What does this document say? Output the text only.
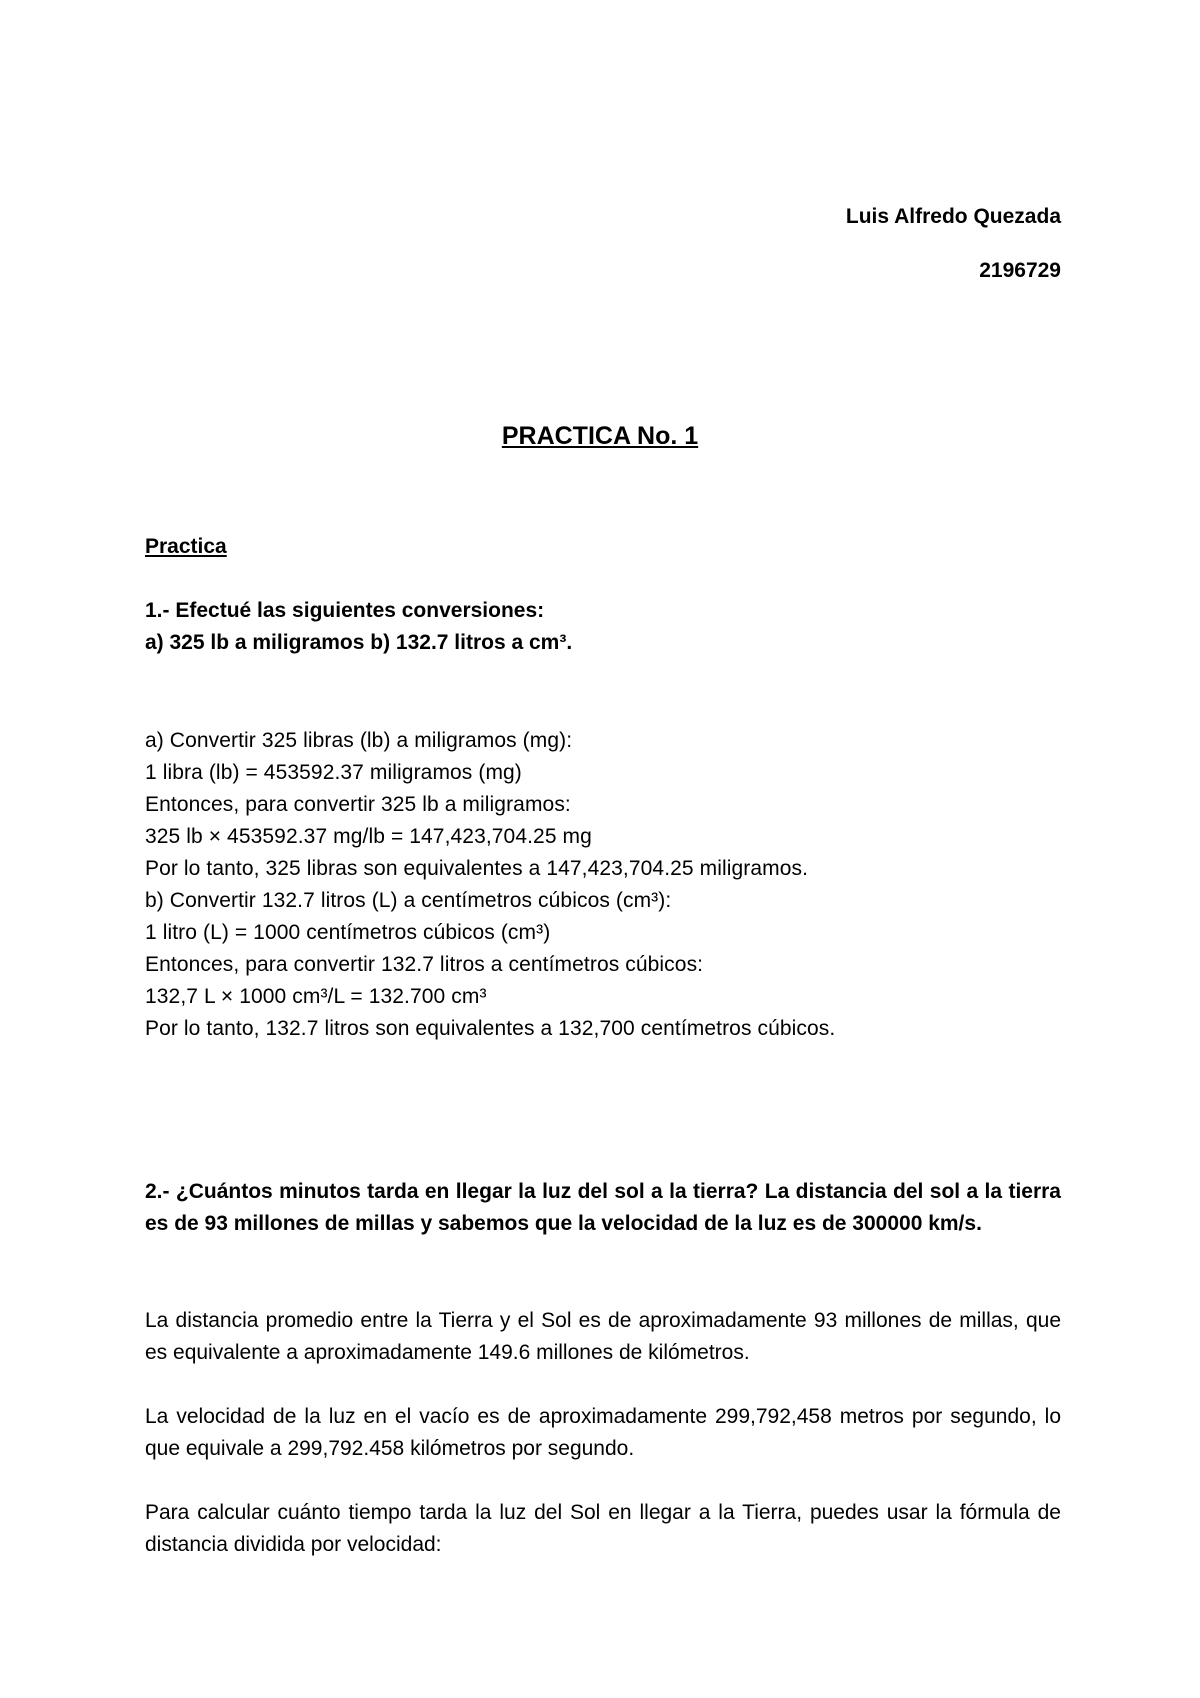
Luis Alfredo Quezada
2196729
PRACTICA No. 1
Practica
1.- Efectué las siguientes conversiones:
a) 325 lb a miligramos b) 132.7 litros a cm³.
a) Convertir 325 libras (lb) a miligramos (mg):
1 libra (lb) = 453592.37 miligramos (mg)
Entonces, para convertir 325 lb a miligramos:
325 lb × 453592.37 mg/lb = 147,423,704.25 mg
Por lo tanto, 325 libras son equivalentes a 147,423,704.25 miligramos.
b) Convertir 132.7 litros (L) a centímetros cúbicos (cm³):
1 litro (L) = 1000 centímetros cúbicos (cm³)
Entonces, para convertir 132.7 litros a centímetros cúbicos:
132,7 L × 1000 cm³/L = 132.700 cm³
Por lo tanto, 132.7 litros son equivalentes a 132,700 centímetros cúbicos.
2.- ¿Cuántos minutos tarda en llegar la luz del sol a la tierra? La distancia del sol a la tierra es de 93 millones de millas y sabemos que la velocidad de la luz es de 300000 km/s.
La distancia promedio entre la Tierra y el Sol es de aproximadamente 93 millones de millas, que es equivalente a aproximadamente 149.6 millones de kilómetros.
La velocidad de la luz en el vacío es de aproximadamente 299,792,458 metros por segundo, lo que equivale a 299,792.458 kilómetros por segundo.
Para calcular cuánto tiempo tarda la luz del Sol en llegar a la Tierra, puedes usar la fórmula de distancia dividida por velocidad:
